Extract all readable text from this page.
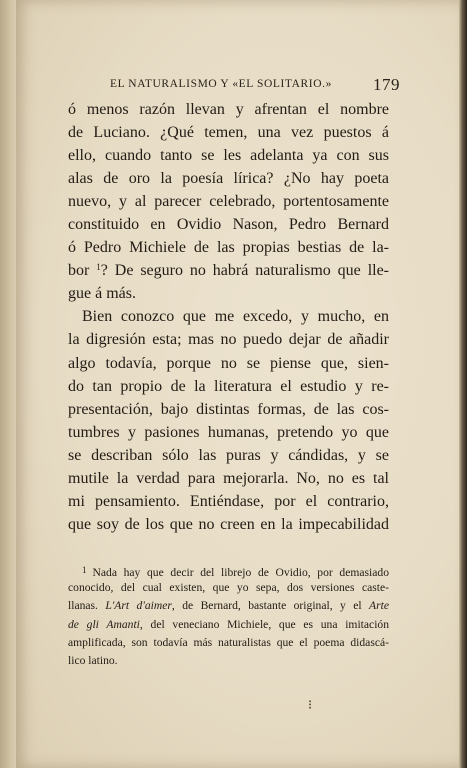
EL NATURALISMO Y «EL SOLITARIO.» 179
ó menos razón llevan y afrentan el nombre
de Luciano. ¿Qué temen, una vez puestos á
ello, cuando tanto se les adelanta ya con sus
alas de oro la poesía lírica? ¿No hay poeta
nuevo, y al parecer celebrado, portentosamente
constituido en Ovidio Nason, Pedro Bernard
ó Pedro Michiele de las propias bestias de la-
bor $^1$? De seguro no habrá naturalismo que lle-
gue á más.
Bien conozco que me excedo, y mucho, en
la digresión esta; mas no puedo dejar de añadir
algo todavía, porque no se piense que, sien-
do tan propio de la literatura el estudio y re-
presentación, bajo distintas formas, de las cos-
tumbres y pasiones humanas, pretendo yo que
se describan sólo las puras y cándidas, y se
mutile la verdad para mejorarla. No, no es tal
mi pensamiento. Entiéndase, por el contrario,
que soy de los que no creen en la impecabilidad
$^1$ Nada hay que decir del librejo de Ovidio, por demasiado
conocido, del cual existen, que yo sepa, dos versiones caste-
llanas. L'Art d'aimer, de Bernard, bastante original, y el Arte
de gli Amanti, del veneciano Michiele, que es una imitación
amplificada, son todavía más naturalistas que el poema didascá-
lico latino.
⁝
